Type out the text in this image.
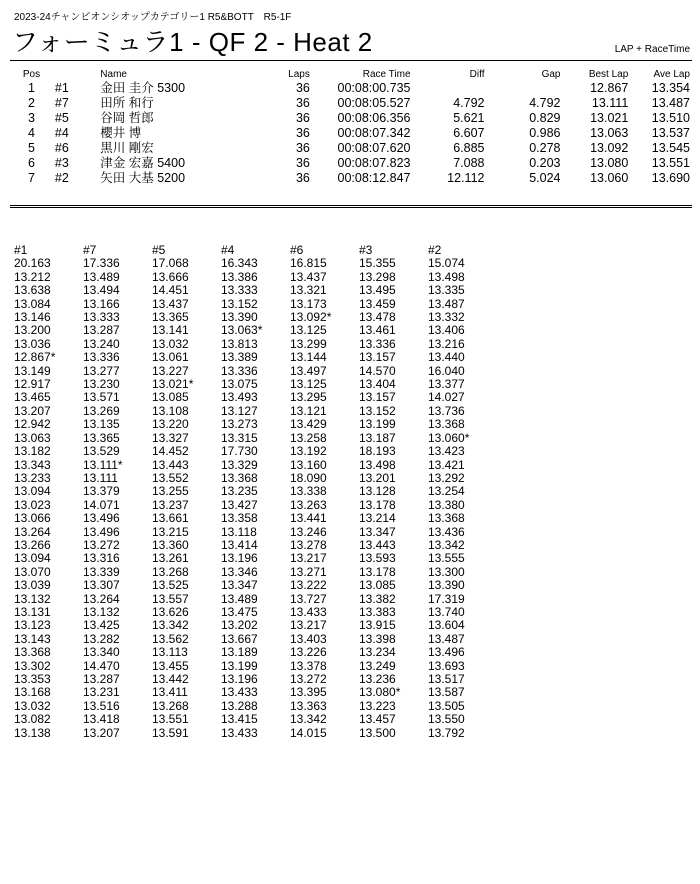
2023-24チャンピオンシオップカテゴリー1 R5&BOTT　R5-1F
フォーミュラ1 - QF 2 - Heat 2	LAP + RaceTime
Pos		Name	Laps	Race Time	Diff	Gap	Best Lap	Ave Lap
1	#1	金田 圭介 5300	36	00:08:00.735			12.867	13.354
2	#7	田所 和行	36	00:08:05.527	4.792	4.792	13.111	13.487
3	#5	谷岡 哲郎	36	00:08:06.356	5.621	0.829	13.021	13.510
4	#4	櫻井 博	36	00:08:07.342	6.607	0.986	13.063	13.537
5	#6	黒川 剛宏	36	00:08:07.620	6.885	0.278	13.092	13.545
6	#3	津金 宏嘉 5400	36	00:08:07.823	7.088	0.203	13.080	13.551
7	#2	矢田 大基 5200	36	00:08:12.847	12.112	5.024	13.060	13.690
#1	#7	#5	#4	#6	#3	#2
20.163	17.336	17.068	16.343	16.815	15.355	15.074
13.212	13.489	13.666	13.386	13.437	13.298	13.498
13.638	13.494	14.451	13.333	13.321	13.495	13.335
13.084	13.166	13.437	13.152	13.173	13.459	13.487
13.146	13.333	13.365	13.390	13.092*	13.478	13.332
13.200	13.287	13.141	13.063*	13.125	13.461	13.406
13.036	13.240	13.032	13.813	13.299	13.336	13.216
12.867*	13.336	13.061	13.389	13.144	13.157	13.440
13.149	13.277	13.227	13.336	13.497	14.570	16.040
12.917	13.230	13.021*	13.075	13.125	13.404	13.377
13.465	13.571	13.085	13.493	13.295	13.157	14.027
13.207	13.269	13.108	13.127	13.121	13.152	13.736
12.942	13.135	13.220	13.273	13.429	13.199	13.368
13.063	13.365	13.327	13.315	13.258	13.187	13.060*
13.182	13.529	14.452	17.730	13.192	18.193	13.423
13.343	13.111*	13.443	13.329	13.160	13.498	13.421
13.233	13.111	13.552	13.368	18.090	13.201	13.292
13.094	13.379	13.255	13.235	13.338	13.128	13.254
13.023	14.071	13.237	13.427	13.263	13.178	13.380
13.066	13.496	13.661	13.358	13.441	13.214	13.368
13.264	13.496	13.215	13.118	13.246	13.347	13.436
13.266	13.272	13.360	13.414	13.278	13.443	13.342
13.094	13.316	13.261	13.196	13.217	13.593	13.555
13.070	13.339	13.268	13.346	13.271	13.178	13.300
13.039	13.307	13.525	13.347	13.222	13.085	13.390
13.132	13.264	13.557	13.489	13.727	13.382	17.319
13.131	13.132	13.626	13.475	13.433	13.383	13.740
13.123	13.425	13.342	13.202	13.217	13.915	13.604
13.143	13.282	13.562	13.667	13.403	13.398	13.487
13.368	13.340	13.113	13.189	13.226	13.234	13.496
13.302	14.470	13.455	13.199	13.378	13.249	13.693
13.353	13.287	13.442	13.196	13.272	13.236	13.517
13.168	13.231	13.411	13.433	13.395	13.080*	13.587
13.032	13.516	13.268	13.288	13.363	13.223	13.505
13.082	13.418	13.551	13.415	13.342	13.457	13.550
13.138	13.207	13.591	13.433	14.015	13.500	13.792
